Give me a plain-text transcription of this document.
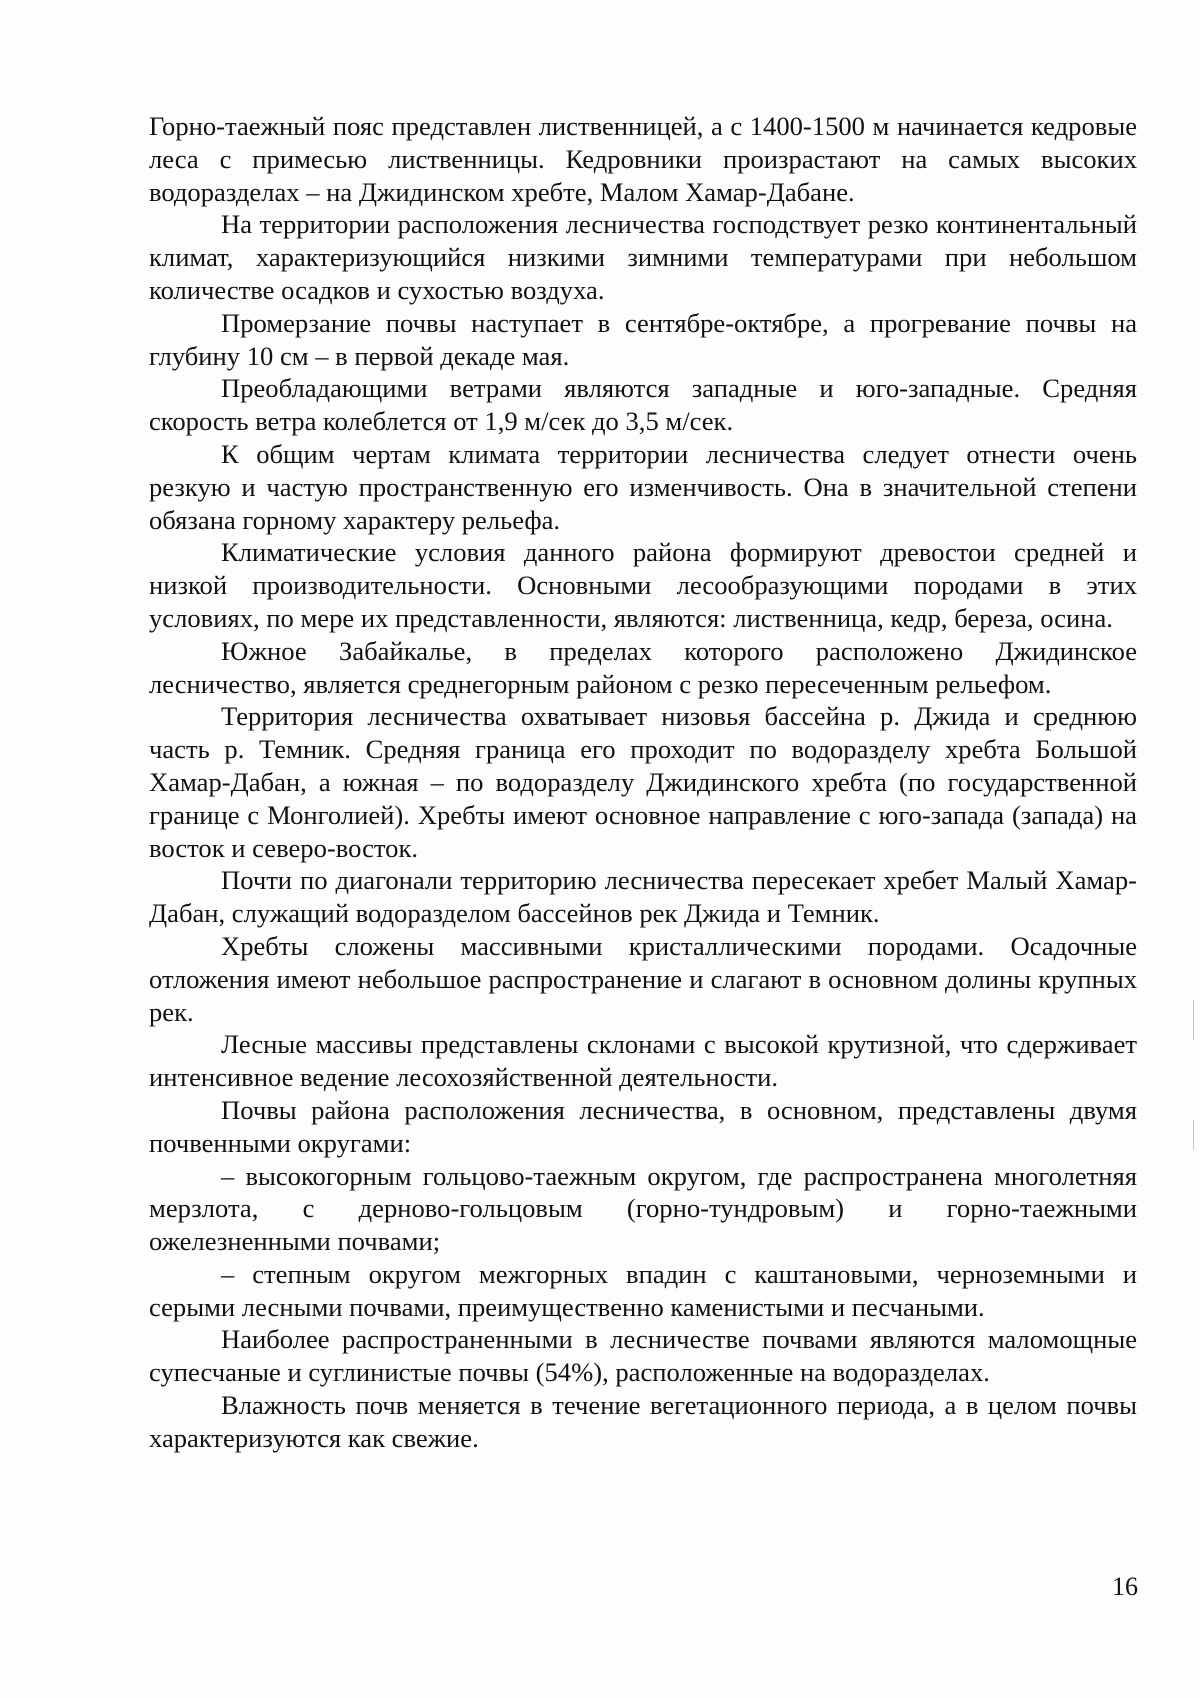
Горно-таежный пояс представлен лиственницей, а с 1400-1500 м начинается кедровые леса с примесью лиственницы. Кедровники произрастают на самых высоких водоразделах – на Джидинском хребте, Малом Хамар-Дабане.

На территории расположения лесничества господствует резко континентальный климат, характеризующийся низкими зимними температурами при небольшом количестве осадков и сухостью воздуха.

Промерзание почвы наступает в сентябре-октябре, а прогревание почвы на глубину 10 см – в первой декаде мая.

Преобладающими ветрами являются западные и юго-западные. Средняя скорость ветра колеблется от 1,9 м/сек до 3,5 м/сек.

К общим чертам климата территории лесничества следует отнести очень резкую и частую пространственную его изменчивость. Она в значительной степени обязана горному характеру рельефа.

Климатические условия данного района формируют древостои средней и низкой производительности. Основными лесообразующими породами в этих условиях, по мере их представленности, являются: лиственница, кедр, береза, осина.

Южное Забайкалье, в пределах которого расположено Джидинское лесничество, является среднегорным районом с резко пересеченным рельефом.

Территория лесничества охватывает низовья бассейна р. Джида и среднюю часть р. Темник. Средняя граница его проходит по водоразделу хребта Большой Хамар-Дабан, а южная – по водоразделу Джидинского хребта (по государственной границе с Монголией). Хребты имеют основное направление с юго-запада (запада) на восток и северо-восток.

Почти по диагонали территорию лесничества пересекает хребет Малый Хамар-Дабан, служащий водоразделом бассейнов рек Джида и Темник.

Хребты сложены массивными кристаллическими породами. Осадочные отложения имеют небольшое распространение и слагают в основном долины крупных рек.

Лесные массивы представлены склонами с высокой крутизной, что сдерживает интенсивное ведение лесохозяйственной деятельности.

Почвы района расположения лесничества, в основном, представлены двумя почвенными округами:

– высокогорным гольцово-таежным округом, где распространена многолетняя мерзлота, с дерново-гольцовым (горно-тундровым) и горно-таежными ожелезненными почвами;

– степным округом межгорных впадин с каштановыми, черноземными и серыми лесными почвами, преимущественно каменистыми и песчаными.

Наиболее распространенными в лесничестве почвами являются маломощные супесчаные и суглинистые почвы (54%), расположенные на водоразделах.

Влажность почв меняется в течение вегетационного периода, а в целом почвы характеризуются как свежие.

16
